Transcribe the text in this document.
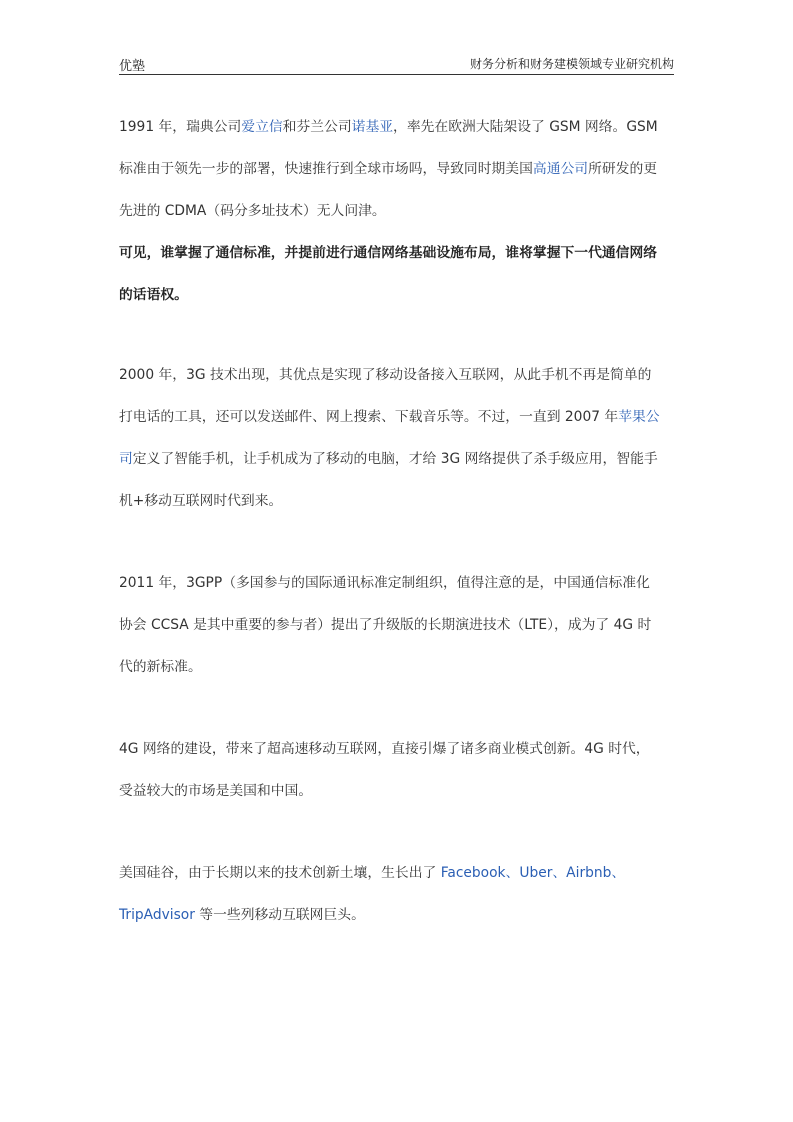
优塾	财务分析和财务建模领域专业研究机构

1991 年，瑞典公司爱立信和芬兰公司诺基亚，率先在欧洲大陆架设了 GSM 网络。GSM

标准由于领先一步的部署，快速推行到全球市场吗，导致同时期美国高通公司所研发的更

先进的 CDMA（码分多址技术）无人问津。

可见，谁掌握了通信标准，并提前进行通信网络基础设施布局，谁将掌握下一代通信网络

的话语权。

2000 年，3G 技术出现，其优点是实现了移动设备接入互联网，从此手机不再是简单的

打电话的工具，还可以发送邮件、网上搜索、下载音乐等。不过，一直到 2007 年苹果公

司定义了智能手机，让手机成为了移动的电脑，才给 3G 网络提供了杀手级应用，智能手

机+移动互联网时代到来。

2011 年，3GPP（多国参与的国际通讯标准定制组织，值得注意的是，中国通信标准化

协会 CCSA 是其中重要的参与者）提出了升级版的长期演进技术（LTE），成为了 4G 时

代的新标准。

4G 网络的建设，带来了超高速移动互联网，直接引爆了诸多商业模式创新。4G 时代，

受益较大的市场是美国和中国。

美国硅谷，由于长期以来的技术创新土壤，生长出了 Facebook、Uber、Airbnb、

TripAdvisor 等一些列移动互联网巨头。
